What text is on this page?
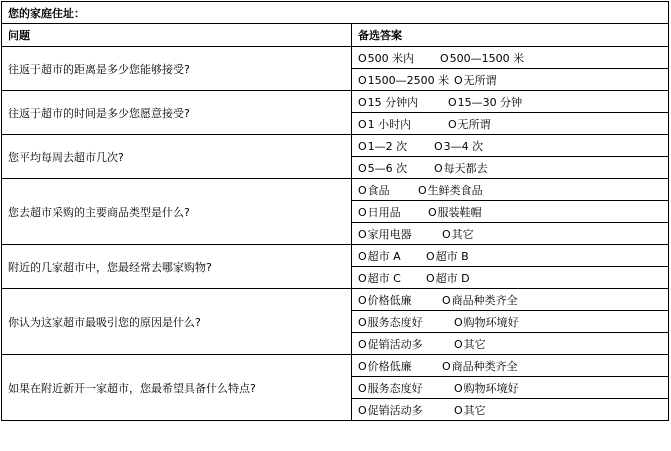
您的家庭住址：	
问题	备选答案
往返于超市的距离是多少您能够接受?	O500 米内 O500—1500 米
	O1500—2500 米 O无所谓
往返于超市的时间是多少您愿意接受?	O15 分钟内 O15—30 分钟
	O1 小时内 O无所谓
您平均每周去超市几次?	O1—2 次 O3—4 次
	O5—6 次 O每天都去
您去超市采购的主要商品类型是什么?	O食品 O生鲜类食品
	O日用品 O服装鞋帽
	O家用电器 O其它
附近的几家超市中，您最经常去哪家购物?	O超市 A O超市 B
	O超市 C O超市 D
你认为这家超市最吸引您的原因是什么?	O价格低廉 O商品种类齐全
	O服务态度好 O购物环境好
	O促销活动多 O其它
如果在附近新开一家超市，您最希望具备什么特点?	O价格低廉 O商品种类齐全
	O服务态度好 O购物环境好
	O促销活动多 O其它
